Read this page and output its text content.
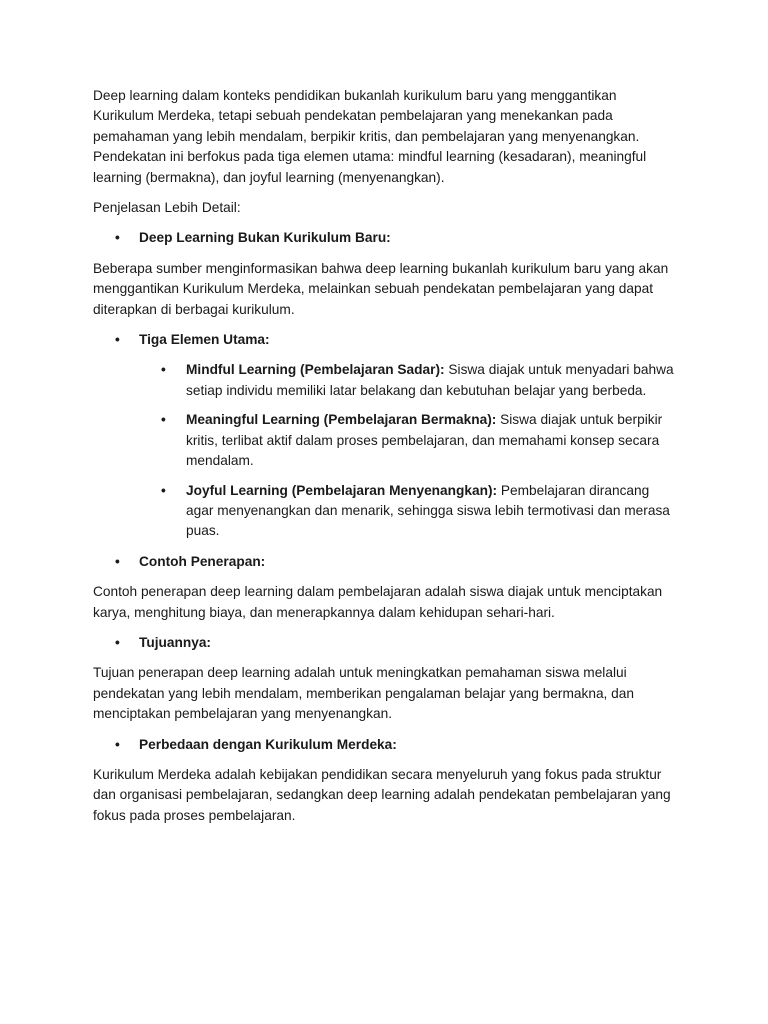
Deep learning dalam konteks pendidikan bukanlah kurikulum baru yang menggantikan Kurikulum Merdeka, tetapi sebuah pendekatan pembelajaran yang menekankan pada pemahaman yang lebih mendalam, berpikir kritis, dan pembelajaran yang menyenangkan. Pendekatan ini berfokus pada tiga elemen utama: mindful learning (kesadaran), meaningful learning (bermakna), dan joyful learning (menyenangkan).

Penjelasan Lebih Detail:

• Deep Learning Bukan Kurikulum Baru:

Beberapa sumber menginformasikan bahwa deep learning bukanlah kurikulum baru yang akan menggantikan Kurikulum Merdeka, melainkan sebuah pendekatan pembelajaran yang dapat diterapkan di berbagai kurikulum.

• Tiga Elemen Utama:
• Mindful Learning (Pembelajaran Sadar): Siswa diajak untuk menyadari bahwa setiap individu memiliki latar belakang dan kebutuhan belajar yang berbeda.
• Meaningful Learning (Pembelajaran Bermakna): Siswa diajak untuk berpikir kritis, terlibat aktif dalam proses pembelajaran, dan memahami konsep secara mendalam.
• Joyful Learning (Pembelajaran Menyenangkan): Pembelajaran dirancang agar menyenangkan dan menarik, sehingga siswa lebih termotivasi dan merasa puas.
• Contoh Penerapan:

Contoh penerapan deep learning dalam pembelajaran adalah siswa diajak untuk menciptakan karya, menghitung biaya, dan menerapkannya dalam kehidupan sehari-hari.

• Tujuannya:

Tujuan penerapan deep learning adalah untuk meningkatkan pemahaman siswa melalui pendekatan yang lebih mendalam, memberikan pengalaman belajar yang bermakna, dan menciptakan pembelajaran yang menyenangkan.

• Perbedaan dengan Kurikulum Merdeka:

Kurikulum Merdeka adalah kebijakan pendidikan secara menyeluruh yang fokus pada struktur dan organisasi pembelajaran, sedangkan deep learning adalah pendekatan pembelajaran yang fokus pada proses pembelajaran.
